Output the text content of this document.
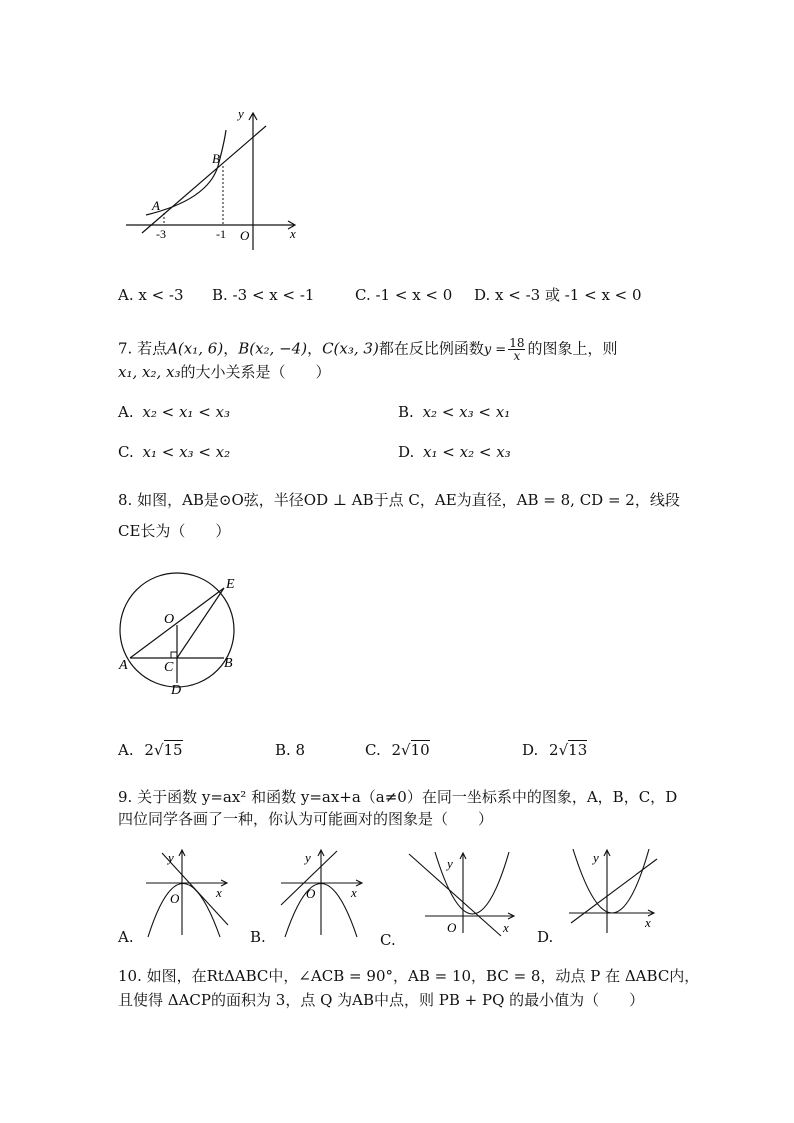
y
x
O
B
A
-3	-1
A. x < -3 B. -3 < x < -1	C. -1 < x < 0 D. x < -3 或 -1 < x < 0
7. 若点A(x₁, 6)，B(x₂, −4)，C(x₃, 3)都在反比例函数$y = \frac{18}{x}$ 的图象上，则
x₁, x₂, x₃的大小关系是（　　）
A. x₂ < x₁ < x₃	B. x₂ < x₃ < x₁
C. x₁ < x₃ < x₂	D. x₁ < x₂ < x₃
8. 如图，AB是⊙O弦，半径OD ⊥ AB于点 C，AE为直径，AB = 8, CD = 2，线段
CE长为（　　）
E
O
A	C	B
D
A. 2√15	B. 8	C. 2√10	D. 2√13
9. 关于函数 y=ax² 和函数 y=ax+a（a≠0）在同一坐标系中的图象，A，B，C，D
四位同学各画了一种，你认为可能画对的图象是（　　）
y
x
O
A.
y
x
O
B.
y
x
O
C.
y
x
D.
10. 如图，在RtΔABC中，∠ACB = 90°，AB = 10，BC = 8，动点 P 在 ΔABC内，
且使得 ΔACP的面积为 3，点 Q 为AB中点，则 PB + PQ 的最小值为（　　）
